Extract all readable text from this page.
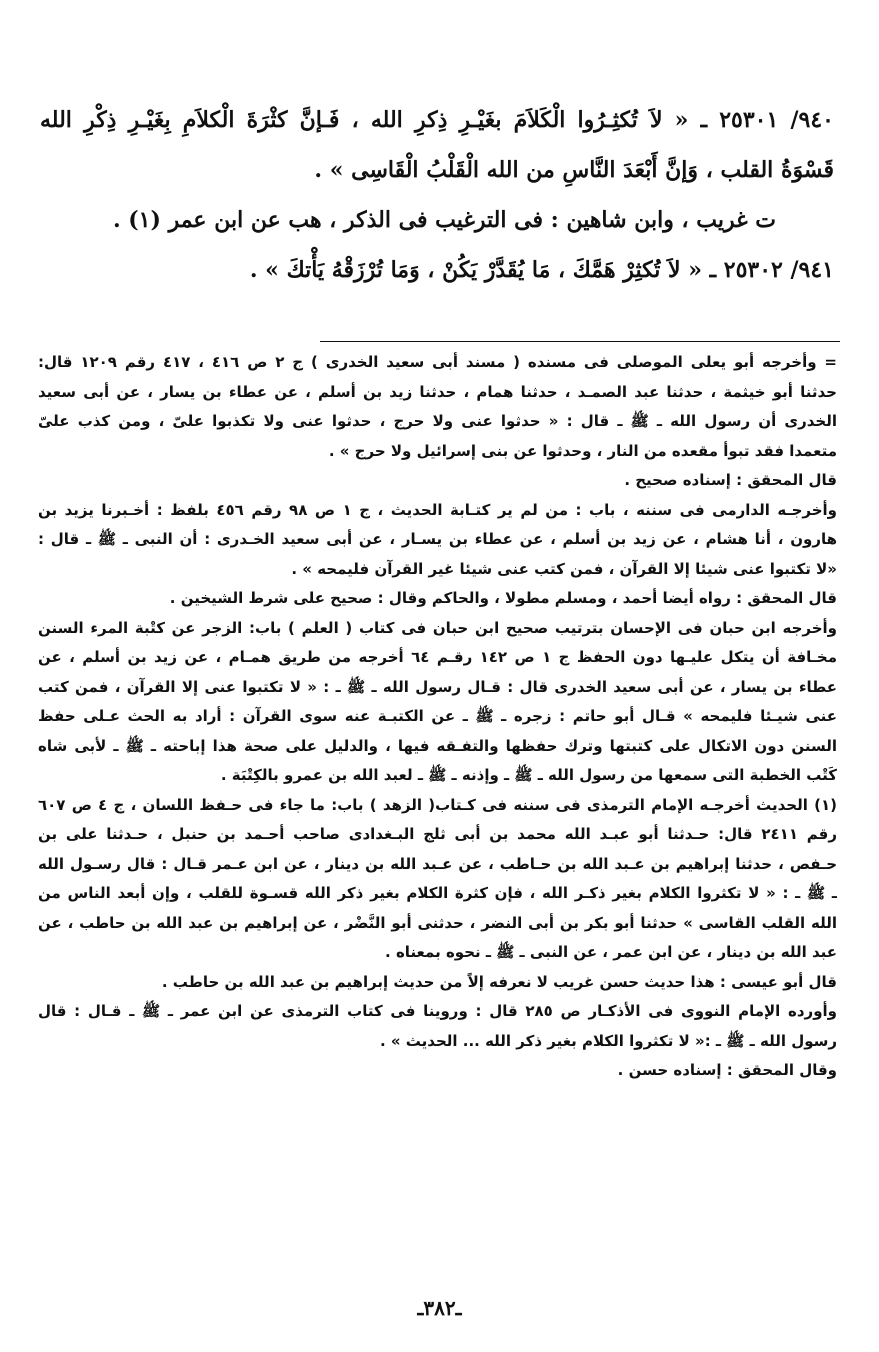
٩٤٠/ ٢٥٣٠١ ـ « لاَ تُكثِـرُوا الْكَلاَمَ بغَيْـرِ ذِكرِ الله ، فَـإنَّ كثْرَةَ الْكلاَمِ بِغَيْـرِ ذِكْرِ الله
قَسْوَةُ القلب ، وَإنَّ أَبْعَدَ النَّاسِ من الله الْقَلْبُ الْقَاسِى » .
ت غريب ، وابن شاهين : فى الترغيب فى الذكر ، هب عن ابن عمر (١) .
٩٤١/ ٢٥٣٠٢ ـ « لاَ تُكثِرْ هَمَّكَ ، مَا يُقَدَّرْ يَكُنْ ، وَمَا تُرْزَقْهُ يَأْتكَ » .
= وأخرجه أبو يعلى الموصلى فى مسنده ( مسند أبى سعيد الخدرى ) ج ٢ ص ٤١٦ ، ٤١٧ رقم ١٢٠٩ قال:
حدثنا أبو خيثمة ، حدثنا عبد الصمـد ، حدثنا همام ، حدثنا زيد بن أسلم ، عن عطاء بن يسار ، عن أبى سعيد
الخدرى أن رسول الله ـ ﷺ ـ قال : « حدثوا عنى ولا حرج ، حدثوا عنى ولا تكذبوا علىّ ، ومن كذب علىّ
متعمدا فقد تبوأ مقعده من النار ، وحدثوا عن بنى إسرائيل ولا حرج » .
قال المحقق : إسناده صحيح .
وأخرجـه الدارمى فى سننه ، باب : من لم ير كتـابة الحديث ، ج ١ ص ٩٨ رقم ٤٥٦ بلفظ : أخـبرنا يزيد بن
هارون ، أنا هشام ، عن زيد بن أسلم ، عن عطاء بن يسـار ، عن أبى سعيد الخـدرى : أن النبى ـ ﷺ ـ قال :
«لا تكتبوا عنى شيئا إلا القرآن ، فمن كتب عنى شيئا غير القرآن فليمحه » .
قال المحقق : رواه أيضا أحمد ، ومسلم مطولا ، والحاكم وقال : صحيح على شرط الشيخين .
وأخرجه ابن حبان فى الإحسان بترتيب صحيح ابن حبان فى كتاب ( العلم ) باب: الزجر عن كتْبة المرء السنن
مخـافة أن يتكل عليـها دون الحفظ ج ١ ص ١٤٢ رقـم ٦٤ أخرجه من طريق همـام ، عن زيد بن أسلم ، عن
عطاء بن يسار ، عن أبى سعيد الخدرى قال : قـال رسول الله ـ ﷺ ـ : « لا تكتبوا عنى إلا القرآن ، فمن كتب
عنى شيـئا فليمحه » قـال أبو حاتم : زجره ـ ﷺ ـ عن الكتبـة عنه سوى القرآن : أراد به الحث عـلى حفظ
السنن دون الاتكال على كتبتها وترك حفظها والتفـقه فيها ، والدليل على صحة هذا إباحته ـ ﷺ ـ لأبى شاه
كَتْب الخطبة التى سمعها من رسول الله ـ ﷺ ـ وإذنه ـ ﷺ ـ لعبد الله بن عمرو بالكِتْبَة .
(١) الحديث أخرجـه الإمام الترمذى فى سننه فى كـتاب( الزهد ) باب: ما جاء فى حـفظ اللسان ، ج ٤ ص ٦٠٧
رقم ٢٤١١ قال: حـدثنا أبو عبـد الله محمد بن أبى ثلج البـغدادى صاحب أحـمد بن حنبل ، حـدثنا على بن
حـفص ، حدثنا إبراهيم بن عـبد الله بن حـاطب ، عن عـبد الله بن دينار ، عن ابن عـمر قـال : قال رسـول الله
ـ ﷺ ـ : « لا تكثروا الكلام بغير ذكـر الله ، فإن كثرة الكلام بغير ذكر الله قسـوة للقلب ، وإن أبعد الناس من
الله القلب القاسى » حدثنا أبو بكر بن أبى النضر ، حدثنى أبو النَّضْر ، عن إبراهيم بن عبد الله بن حاطب ، عن
عبد الله بن دينار ، عن ابن عمر ، عن النبى ـ ﷺ ـ نحوه بمعناه .
قال أبو عيسى : هذا حديث حسن غريب لا نعرفه إلاً من حديث إبراهيم بن عبد الله بن حاطب .
وأورده الإمام النووى فى الأذكـار ص ٢٨٥ قال : وروينا فى كتاب الترمذى عن ابن عمر ـ ﷺ ـ قـال : قال
رسول الله ـ ﷺ ـ :« لا تكثروا الكلام بغير ذكر الله ... الحديث » .
وقال المحقق : إسناده حسن .
ـ٣٨٢ـ
